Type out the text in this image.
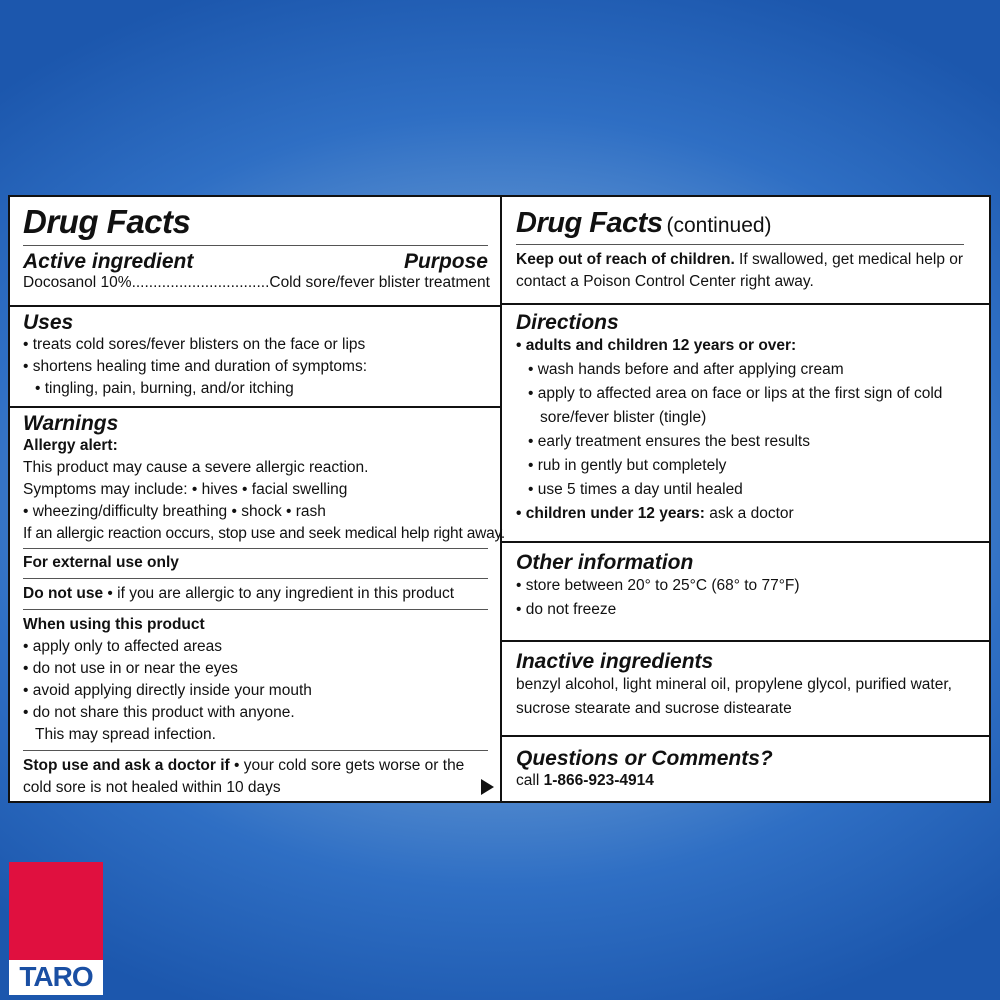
Drug Facts
Active ingredient	Purpose
Docosanol 10%................................Cold sore/fever blister treatment
Uses
• treats cold sores/fever blisters on the face or lips
• shortens healing time and duration of symptoms:
• tingling, pain, burning, and/or itching
Warnings
Allergy alert:
This product may cause a severe allergic reaction.
Symptoms may include: • hives • facial swelling
• wheezing/difficulty breathing • shock • rash
If an allergic reaction occurs, stop use and seek medical help right away.
For external use only
Do not use • if you are allergic to any ingredient in this product
When using this product
• apply only to affected areas
• do not use in or near the eyes
• avoid applying directly inside your mouth
• do not share this product with anyone.
This may spread infection.
Stop use and ask a doctor if • your cold sore gets worse or the
cold sore is not healed within 10 days
Drug Facts (continued)
Keep out of reach of children. If swallowed, get medical help or
contact a Poison Control Center right away.
Directions
• adults and children 12 years or over:
• wash hands before and after applying cream
• apply to affected area on face or lips at the first sign of cold
sore/fever blister (tingle)
• early treatment ensures the best results
• rub in gently but completely
• use 5 times a day until healed
• children under 12 years: ask a doctor
Other information
• store between 20° to 25°C (68° to 77°F)
• do not freeze
Inactive ingredients
benzyl alcohol, light mineral oil, propylene glycol, purified water,
sucrose stearate and sucrose distearate
Questions or Comments?
call 1-866-923-4914
TARO
